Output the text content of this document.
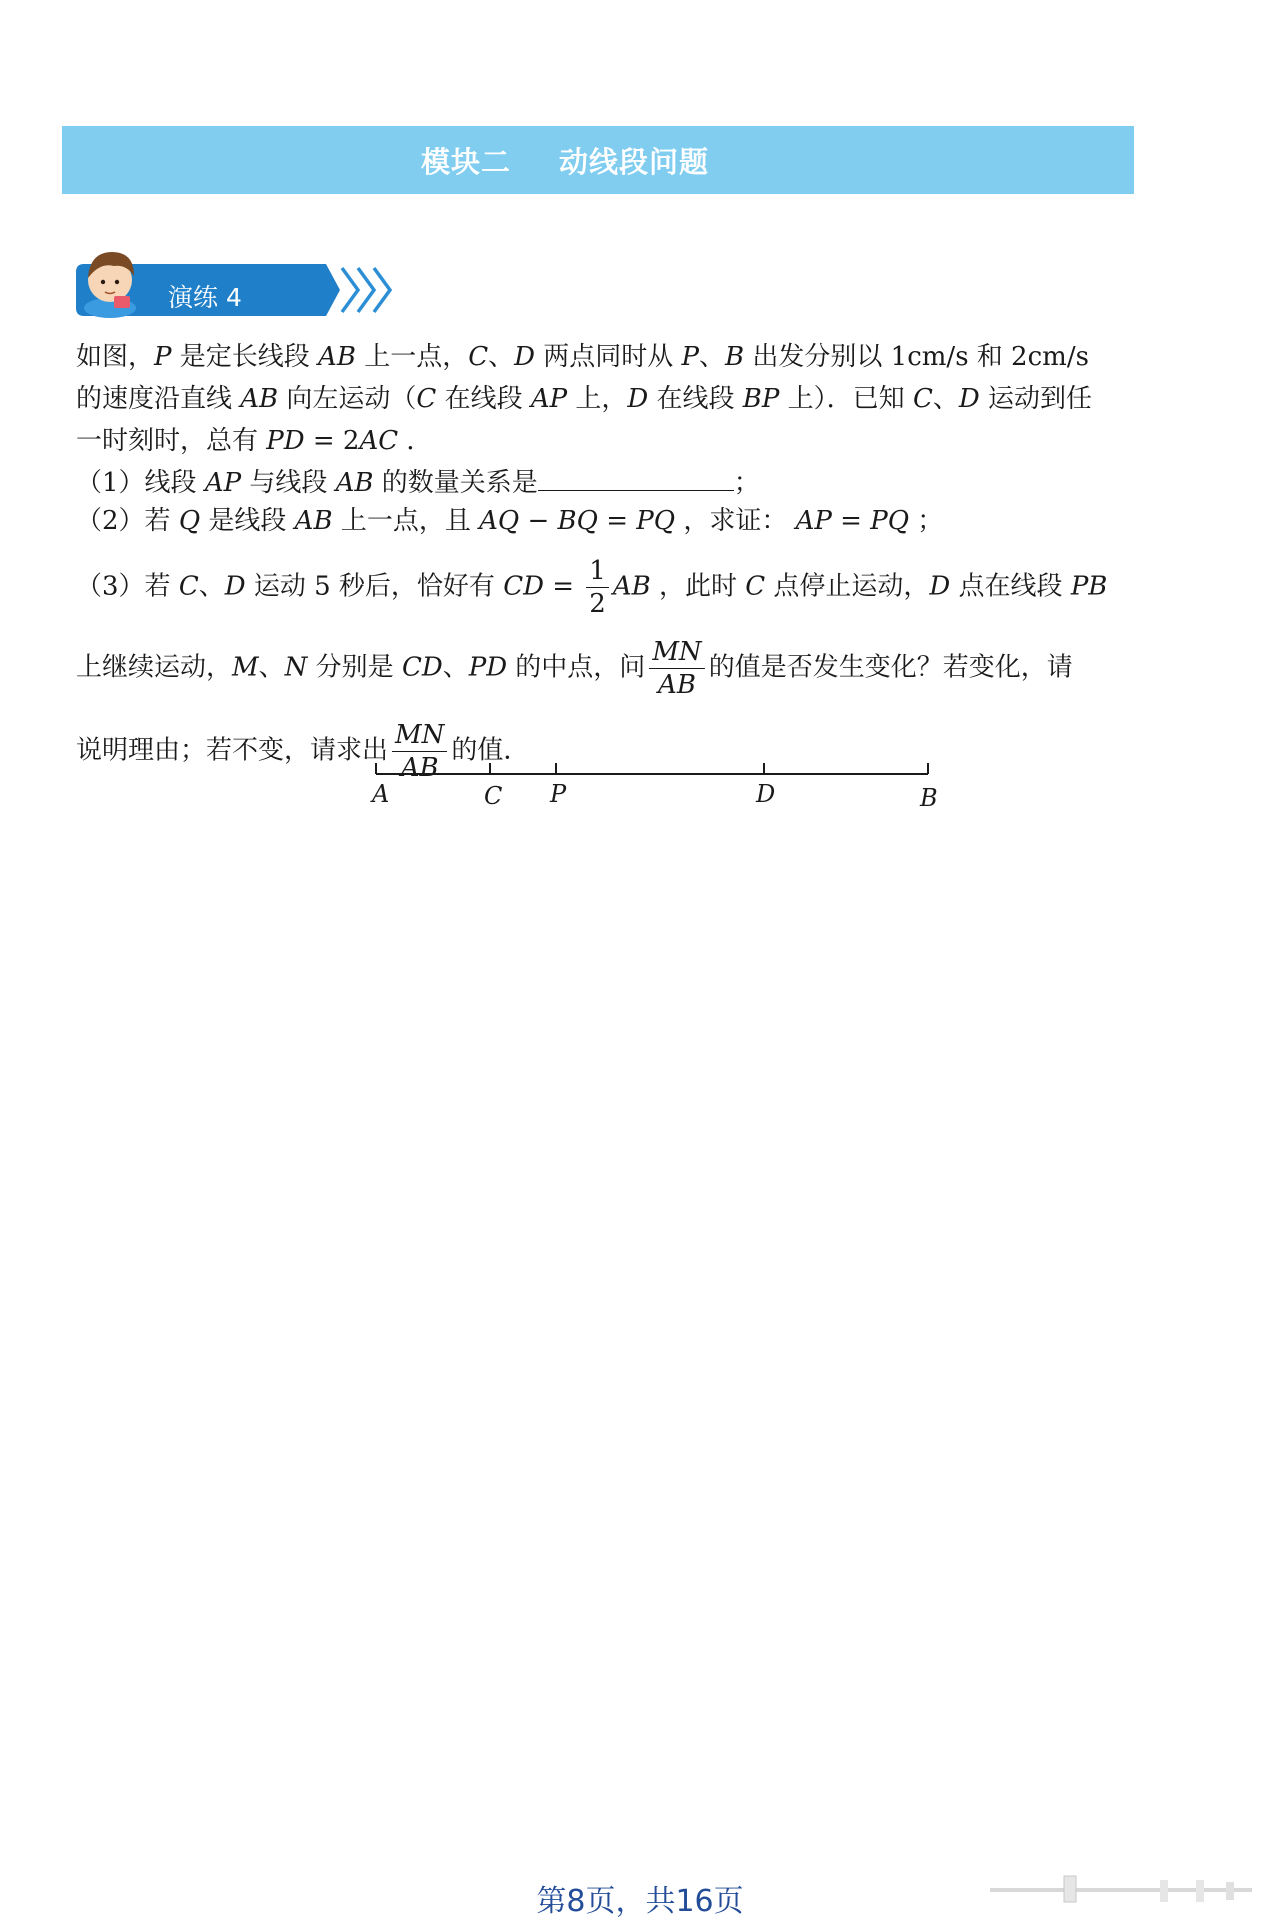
模块二 动线段问题
演练 4

如图，P 是定长线段 AB 上一点，C、D 两点同时从 P、B 出发分别以 1cm/s 和 2cm/s

的速度沿直线 AB 向左运动（C 在线段 AP 上，D 在线段 BP 上）．已知 C、D 运动到任

一时刻时，总有 PD = 2AC ．

（1）线段 AP 与线段 AB 的数量关系是	；

（2）若 Q 是线段 AB 上一点，且 AQ − BQ = PQ ，求证： AP = PQ ；

（3）若 C、D 运动 5 秒后，恰好有 CD = $\frac{1}{2}$ AB ，此时 C 点停止运动，D 点在线段 PB

上继续运动，M、N 分别是 CD、PD 的中点，问 $\frac{MN}{AB}$ 的值是否发生变化？若变化，请

说明理由；若不变，请求出 $\frac{MN}{AB}$ 的值．

A	C P	D	B
第8页，共16页
